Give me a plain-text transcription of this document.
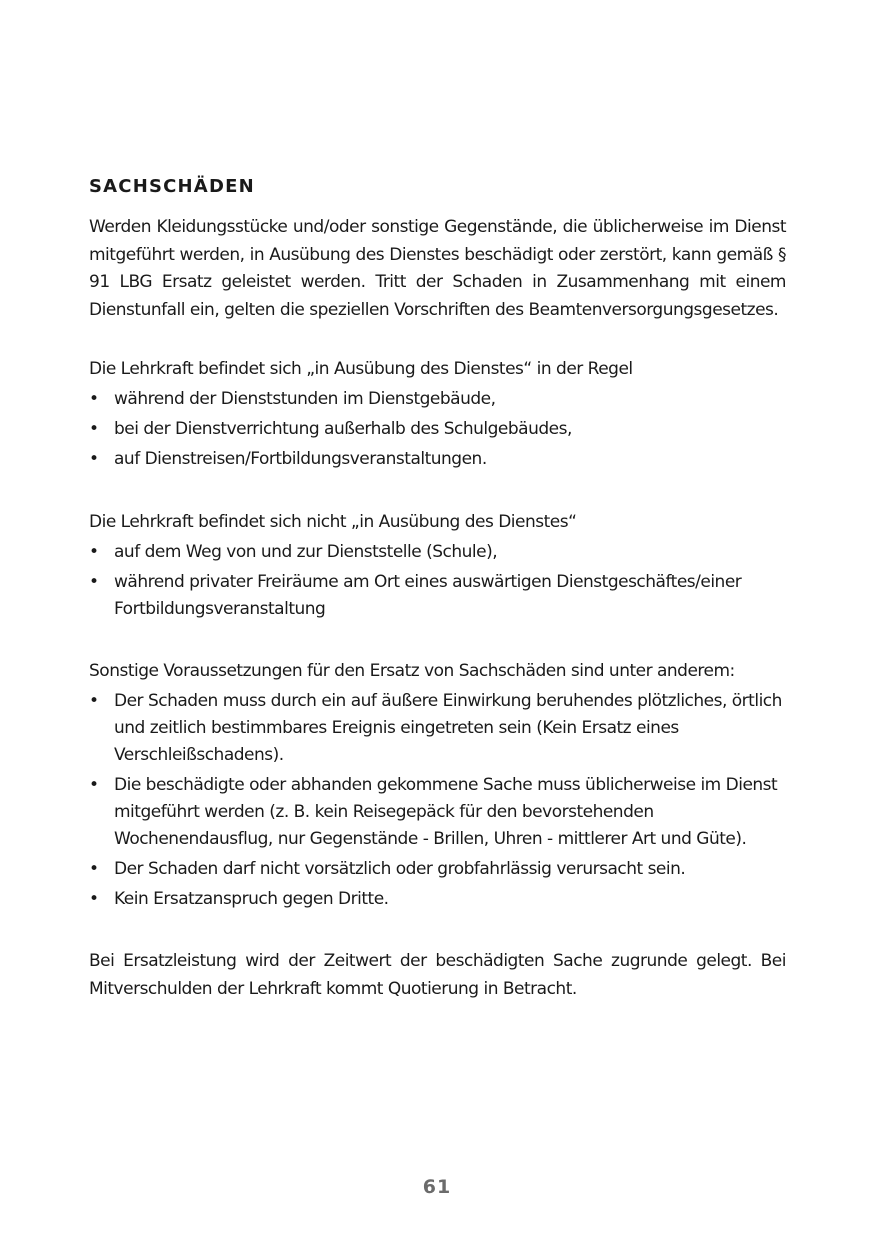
SACHSCHÄDEN

Werden Kleidungsstücke und/oder sonstige Gegenstände, die üblicherweise im Dienst mitgeführt werden, in Ausübung des Dienstes beschädigt oder zerstört, kann gemäß § 91 LBG Ersatz geleistet werden. Tritt der Schaden in Zusammenhang mit einem Dienstunfall ein, gelten die speziellen Vorschriften des Beamtenversorgungsgesetzes.

Die Lehrkraft befindet sich „in Ausübung des Dienstes“ in der Regel

• während der Dienststunden im Dienstgebäude,
• bei der Dienstverrichtung außerhalb des Schulgebäudes,
• auf Dienstreisen/Fortbildungsveranstaltungen.

Die Lehrkraft befindet sich nicht „in Ausübung des Dienstes“

• auf dem Weg von und zur Dienststelle (Schule),
• während privater Freiräume am Ort eines auswärtigen Dienstgeschäftes/einer Fortbildungsveranstaltung

Sonstige Voraussetzungen für den Ersatz von Sachschäden sind unter anderem:

• Der Schaden muss durch ein auf äußere Einwirkung beruhendes plötzliches, örtlich und zeitlich bestimmbares Ereignis eingetreten sein (Kein Ersatz eines Verschleißschadens).
• Die beschädigte oder abhanden gekommene Sache muss üblicherweise im Dienst mitgeführt werden (z. B. kein Reisegepäck für den bevorstehenden Wochenendausflug, nur Gegenstände - Brillen, Uhren - mittlerer Art und Güte).
• Der Schaden darf nicht vorsätzlich oder grobfahrlässig verursacht sein.
• Kein Ersatzanspruch gegen Dritte.

Bei Ersatzleistung wird der Zeitwert der beschädigten Sache zugrunde gelegt. Bei Mitverschulden der Lehrkraft kommt Quotierung in Betracht.

61
